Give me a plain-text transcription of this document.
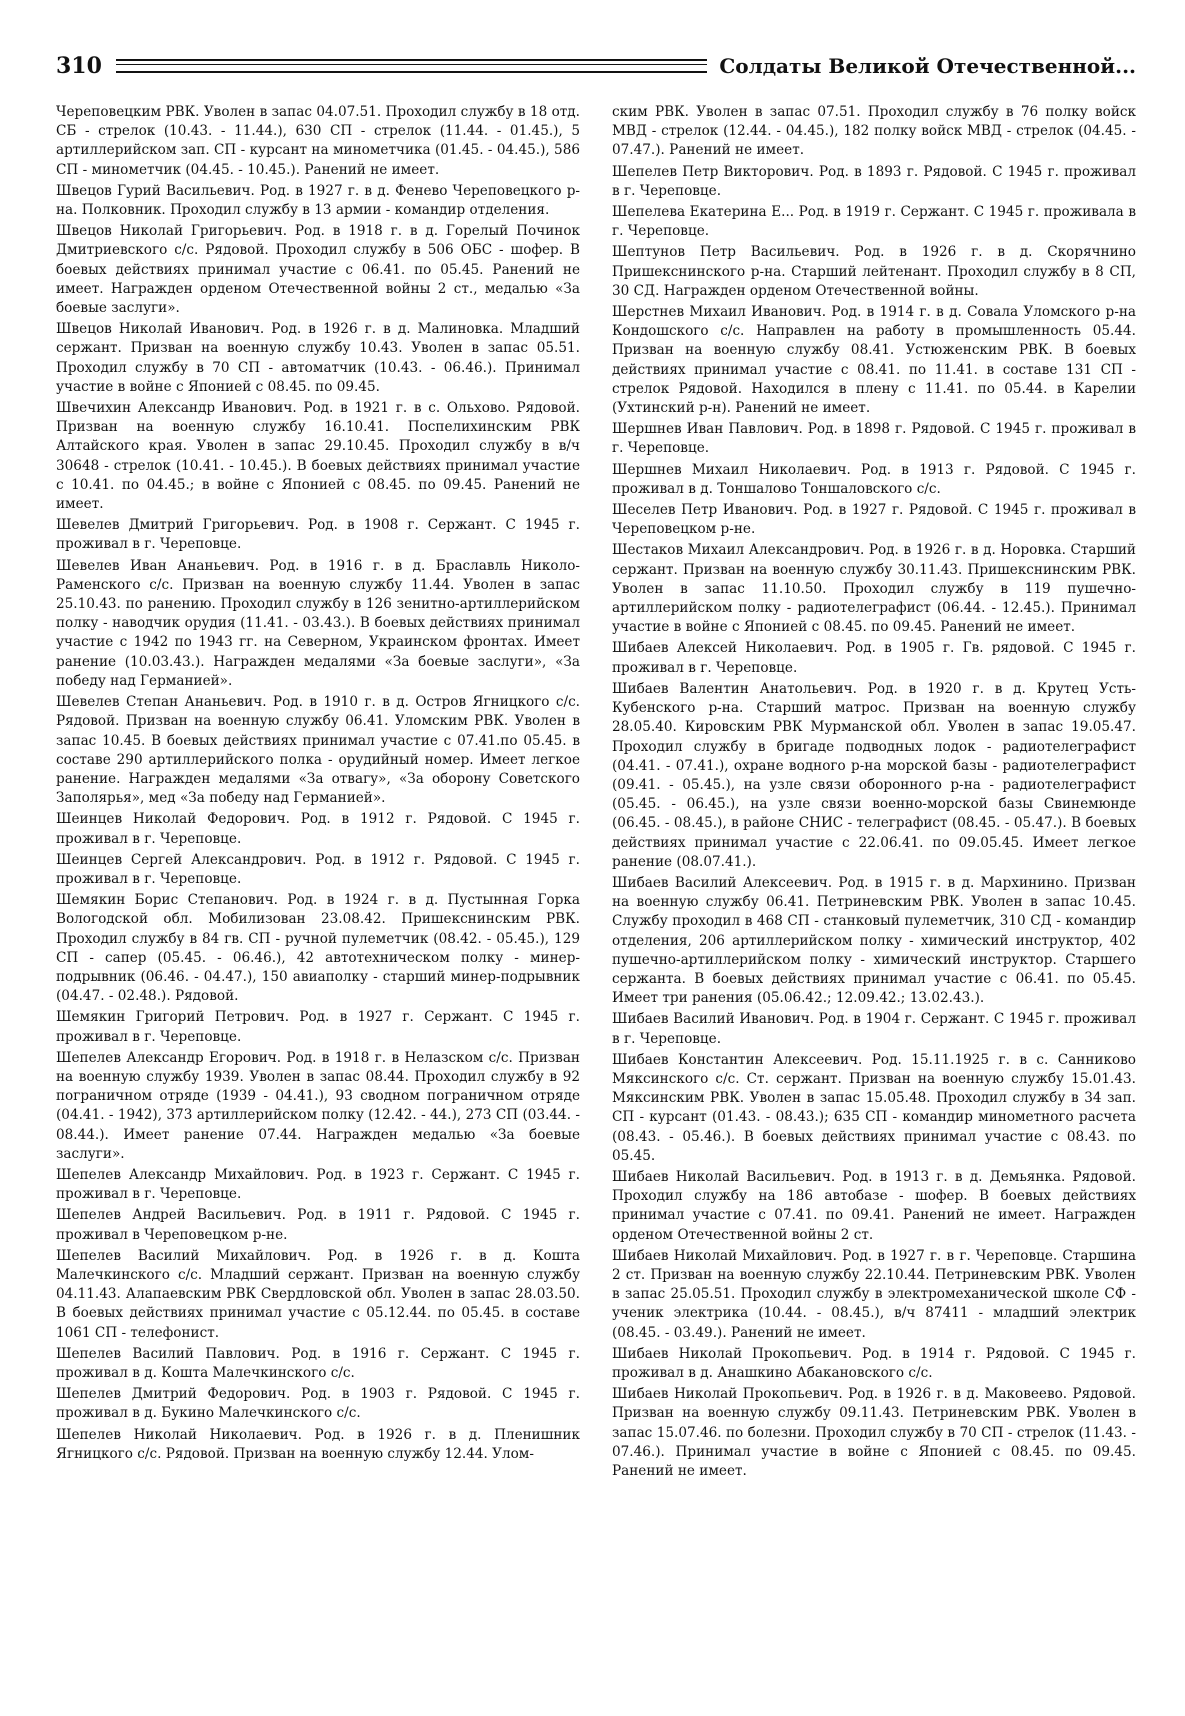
310	Солдаты Великой Отечественной...

Череповецким РВК. Уволен в запас 04.07.51. Проходил службу в 18 отд. СБ - стрелок (10.43. - 11.44.), 630 СП - стрелок (11.44. - 01.45.), 5 артиллерийском зап. СП - курсант на минометчика (01.45. - 04.45.), 586 СП - минометчик (04.45. - 10.45.). Ранений не имеет.

Швецов Гурий Васильевич. Род. в 1927 г. в д. Фенево Череповецкого р-на. Полковник. Проходил службу в 13 армии - командир отделения.

Швецов Николай Григорьевич. Род. в 1918 г. в д. Горелый Починок Дмитриевского с/с. Рядовой. Проходил службу в 506 ОБС - шофер. В боевых действиях принимал участие с 06.41. по 05.45. Ранений не имеет. Награжден орденом Отечественной войны 2 ст., медалью «За боевые заслуги».

Швецов Николай Иванович. Род. в 1926 г. в д. Малиновка. Младший сержант. Призван на военную службу 10.43. Уволен в запас 05.51. Проходил службу в 70 СП - автоматчик (10.43. - 06.46.). Принимал участие в войне с Японией с 08.45. по 09.45.

Швечихин Александр Иванович. Род. в 1921 г. в с. Ольховo. Рядовой. Призван на военную службу 16.10.41. Поспелихинским РВК Алтайского края. Уволен в запас 29.10.45. Проходил службу в в/ч 30648 - стрелок (10.41. - 10.45.). В боевых действиях принимал участие с 10.41. по 04.45.; в войне с Японией с 08.45. по 09.45. Ранений не имеет.

Шевелев Дмитрий Григорьевич. Род. в 1908 г. Сержант. С 1945 г. проживал в г. Череповце.

Шевелев Иван Ананьевич. Род. в 1916 г. в д. Браславль Николо-Раменского с/с. Призван на военную службу 11.44. Уволен в запас 25.10.43. по ранению. Проходил службу в 126 зенитно-артиллерийском полку - наводчик орудия (11.41. - 03.43.). В боевых действиях принимал участие с 1942 по 1943 гг. на Северном, Украинском фронтах. Имеет ранение (10.03.43.). Награжден медалями «За боевые заслуги», «За победу над Германией».

Шевелев Степан Ананьевич. Род. в 1910 г. в д. Остров Ягницкого с/с. Рядовой. Призван на военную службу 06.41. Уломским РВК. Уволен в запас 10.45. В боевых действиях принимал участие с 07.41.по 05.45. в составе 290 артиллерийского полка - орудийный номер. Имеет легкое ранение. Награжден медалями «За отвагу», «За оборону Советского Заполярья», мед «За победу над Германией».

Шеинцев Николай Федорович. Род. в 1912 г. Рядовой. С 1945 г. проживал в г. Череповце.

Шеинцев Сергей Александрович. Род. в 1912 г. Рядовой. С 1945 г. проживал в г. Череповце.

Шемякин Борис Степанович. Род. в 1924 г. в д. Пустынная Горка Вологодской обл. Мобилизован 23.08.42. Пришекснинским РВК. Проходил службу в 84 гв. СП - ручной пулеметчик (08.42. - 05.45.), 129 СП - сапер (05.45. - 06.46.), 42 автотехническом полку - минер-подрывник (06.46. - 04.47.), 150 авиаполку - старший минер-подрывник (04.47. - 02.48.). Рядовой.

Шемякин Григорий Петрович. Род. в 1927 г. Сержант. С 1945 г. проживал в г. Череповце.

Шепелев Александр Егорович. Род. в 1918 г. в Нелазском с/с. Призван на военную службу 1939. Уволен в запас 08.44. Проходил службу в 92 пограничном отряде (1939 - 04.41.), 93 сводном пограничном отряде (04.41. - 1942), 373 артиллерийском полку (12.42. - 44.), 273 СП (03.44. - 08.44.). Имеет ранение 07.44. Награжден медалью «За боевые заслуги».

Шепелев Александр Михайлович. Род. в 1923 г. Сержант. С 1945 г. проживал в г. Череповце.

Шепелев Андрей Васильевич. Род. в 1911 г. Рядовой. С 1945 г. проживал в Череповецком р-не.

Шепелев Василий Михайлович. Род. в 1926 г. в д. Кошта Малечкинского с/с. Младший сержант. Призван на военную службу 04.11.43. Алапаевским РВК Свердловской обл. Уволен в запас 28.03.50. В боевых действиях принимал участие с 05.12.44. по 05.45. в составе 1061 СП - телефонист.

Шепелев Василий Павлович. Род. в 1916 г. Сержант. С 1945 г. проживал в д. Кошта Малечкинского с/с.

Шепелев Дмитрий Федорович. Род. в 1903 г. Рядовой. С 1945 г. проживал в д. Букино Малечкинского с/с.

Шепелев Николай Николаевич. Род. в 1926 г. в д. Пленишник Ягницкого с/с. Рядовой. Призван на военную службу 12.44. Улом-

ским РВК. Уволен в запас 07.51. Проходил службу в 76 полку войск МВД - стрелок (12.44. - 04.45.), 182 полку войск МВД - стрелок (04.45. - 07.47.). Ранений не имеет.

Шепелев Петр Викторович. Род. в 1893 г. Рядовой. С 1945 г. проживал в г. Череповце.

Шепелева Екатерина Е... Род. в 1919 г. Сержант. С 1945 г. проживала в г. Череповце.

Шептунов Петр Васильевич. Род. в 1926 г. в д. Скорячнино Пришекснинского р-на. Старший лейтенант. Проходил службу в 8 СП, 30 СД. Награжден орденом Отечественной войны.

Шерстнев Михаил Иванович. Род. в 1914 г. в д. Совала Уломского р-на Кондошского с/с. Направлен на работу в промышленность 05.44. Призван на военную службу 08.41. Устюженским РВК. В боевых действиях принимал участие с 08.41. по 11.41. в составе 131 СП - стрелок Рядовой. Находился в плену с 11.41. по 05.44. в Карелии (Ухтинский р-н). Ранений не имеет.

Шершнев Иван Павлович. Род. в 1898 г. Рядовой. С 1945 г. проживал в г. Череповце.

Шершнев Михаил Николаевич. Род. в 1913 г. Рядовой. С 1945 г. проживал в д. Тоншалово Тоншаловского с/с.

Шеселев Петр Иванович. Род. в 1927 г. Рядовой. С 1945 г. проживал в Череповецком р-не.

Шестаков Михаил Александрович. Род. в 1926 г. в д. Норовка. Старший сержант. Призван на военную службу 30.11.43. Пришекснинским РВК. Уволен в запас 11.10.50. Проходил службу в 119 пушечно-артиллерийском полку - радиотелеграфист (06.44. - 12.45.). Принимал участие в войне с Японией с 08.45. по 09.45. Ранений не имеет.

Шибаев Алексей Николаевич. Род. в 1905 г. Гв. рядовой. С 1945 г. проживал в г. Череповце.

Шибаев Валентин Анатольевич. Род. в 1920 г. в д. Крутец Усть-Кубенского р-на. Старший матрос. Призван на военную службу 28.05.40. Кировским РВК Мурманской обл. Уволен в запас 19.05.47. Проходил службу в бригаде подводных лодок - радиотелеграфист (04.41. - 07.41.), охране водного р-на морской базы - радиотелеграфист (09.41. - 05.45.), на узле связи оборонного р-на - радиотелеграфист (05.45. - 06.45.), на узле связи военно-морской базы Свинемюнде (06.45. - 08.45.), в районе СНИС - телеграфист (08.45. - 05.47.). В боевых действиях принимал участие с 22.06.41. по 09.05.45. Имеет легкое ранение (08.07.41.).

Шибаев Василий Алексеевич. Род. в 1915 г. в д. Мархинино. Призван на военную службу 06.41. Петриневским РВК. Уволен в запас 10.45. Службу проходил в 468 СП - станковый пулеметчик, 310 СД - командир отделения, 206 артиллерийском полку - химический инструктор, 402 пушечно-артиллерийском полку - химический инструктор. Старшего сержанта. В боевых действиях принимал участие с 06.41. по 05.45. Имеет три ранения (05.06.42.; 12.09.42.; 13.02.43.).

Шибаев Василий Иванович. Род. в 1904 г. Сержант. С 1945 г. проживал в г. Череповце.

Шибаев Константин Алексеевич. Род. 15.11.1925 г. в с. Санниково Мяксинского с/с. Ст. сержант. Призван на военную службу 15.01.43. Мяксинским РВК. Уволен в запас 15.05.48. Проходил службу в 34 зап. СП - курсант (01.43. - 08.43.); 635 СП - командир минометного расчета (08.43. - 05.46.). В боевых действиях принимал участие с 08.43. по 05.45.

Шибаев Николай Васильевич. Род. в 1913 г. в д. Демьянка. Рядовой. Проходил службу на 186 автобазе - шофер. В боевых действиях принимал участие с 07.41. по 09.41. Ранений не имеет. Награжден орденом Отечественной войны 2 ст.

Шибаев Николай Михайлович. Род. в 1927 г. в г. Череповце. Старшина 2 ст. Призван на военную службу 22.10.44. Петриневским РВК. Уволен в запас 25.05.51. Проходил службу в электромеханической школе СФ - ученик электрика (10.44. - 08.45.), в/ч 87411 - младший электрик (08.45. - 03.49.). Ранений не имеет.

Шибаев Николай Прокопьевич. Род. в 1914 г. Рядовой. С 1945 г. проживал в д. Анашкино Абакановского с/с.

Шибаев Николай Прокопьевич. Род. в 1926 г. в д. Маковеево. Рядовой. Призван на военную службу 09.11.43. Петриневским РВК. Уволен в запас 15.07.46. по болезни. Проходил службу в 70 СП - стрелок (11.43. - 07.46.). Принимал участие в войне с Японией с 08.45. по 09.45. Ранений не имеет.
